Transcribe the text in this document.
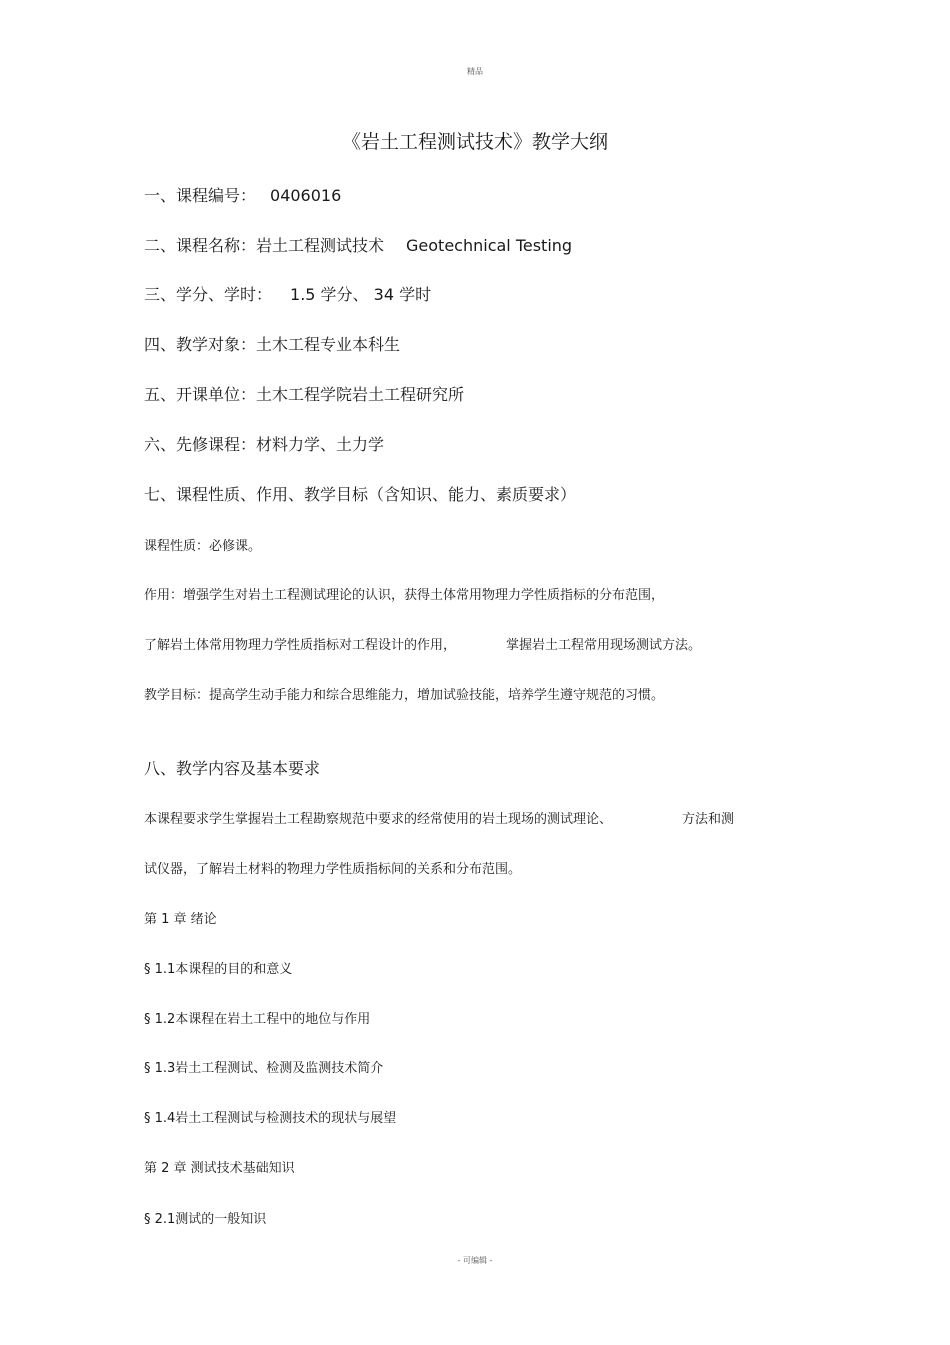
精品
《岩土工程测试技术》教学大纲
一、课程编号： 0406016
二、课程名称：岩土工程测试技术 Geotechnical Testing
三、学分、学时： 1.5 学分、 34 学时
四、教学对象：土木工程专业本科生
五、开课单位：土木工程学院岩土工程研究所
六、先修课程：材料力学、土力学
七、课程性质、作用、教学目标（含知识、能力、素质要求）
课程性质：必修课。
作用：增强学生对岩土工程测试理论的认识，获得土体常用物理力学性质指标的分布范围，
了解岩土体常用物理力学性质指标对工程设计的作用，	掌握岩土工程常用现场测试方法。
教学目标：提高学生动手能力和综合思维能力，增加试验技能，培养学生遵守规范的习惯。
八、教学内容及基本要求
本课程要求学生掌握岩土工程勘察规范中要求的经常使用的岩土现场的测试理论、	方法和测
试仪器，了解岩土材料的物理力学性质指标间的关系和分布范围。
第 1 章 绪论
§ 1.1本课程的目的和意义
§ 1.2本课程在岩土工程中的地位与作用
§ 1.3岩土工程测试、检测及监测技术简介
§ 1.4岩土工程测试与检测技术的现状与展望
第 2 章 测试技术基础知识
§ 2.1测试的一般知识
- 可编辑 -
